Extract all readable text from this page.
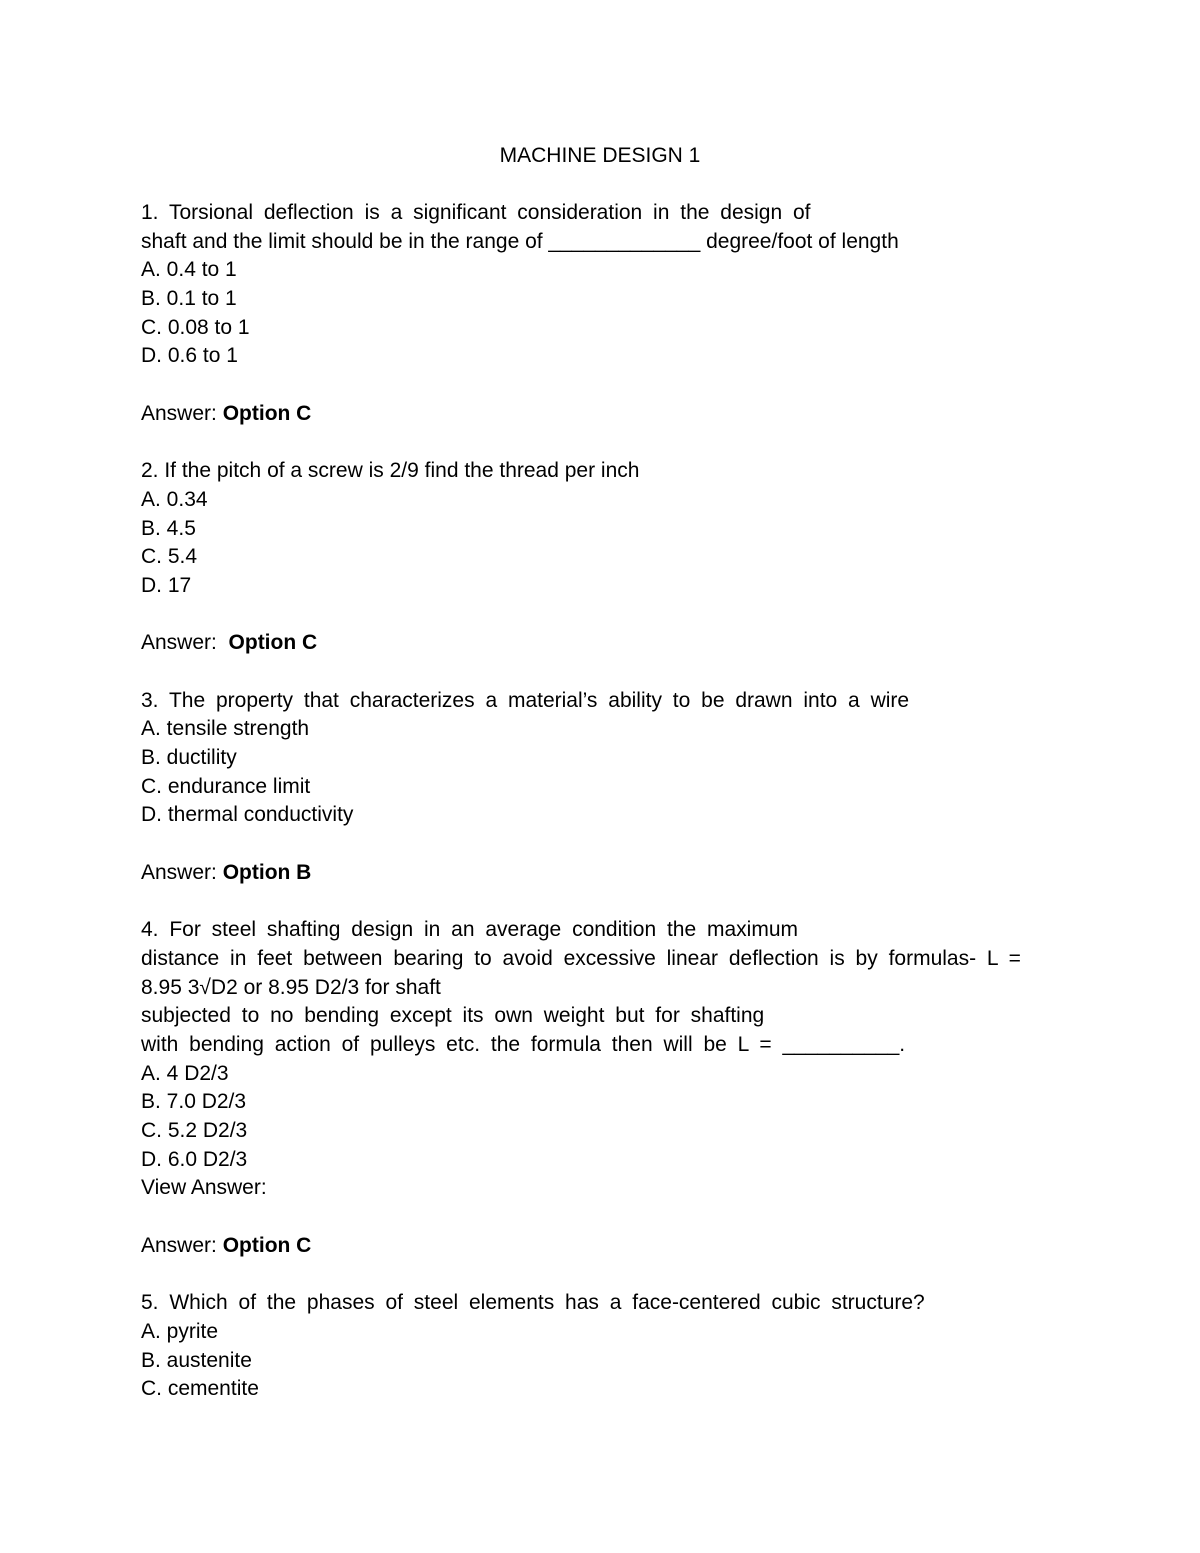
MACHINE DESIGN 1
1. Torsional deflection is a significant consideration in the design of
shaft and the limit should be in the range of _____________ degree/foot of length
A. 0.4 to 1
B. 0.1 to 1
C. 0.08 to 1
D. 0.6 to 1
Answer: Option C
2. If the pitch of a screw is 2/9 find the thread per inch
A. 0.34
B. 4.5
C. 5.4
D. 17
Answer: Option C
3. The property that characterizes a material’s ability to be drawn into a wire
A. tensile strength
B. ductility
C. endurance limit
D. thermal conductivity
Answer: Option B
4. For steel shafting design in an average condition the maximum
distance in feet between bearing to avoid excessive linear deflection is by formulas- L =
8.95 3√D2 or 8.95 D2/3 for shaft
subjected to no bending except its own weight but for shafting
with bending action of pulleys etc. the formula then will be L = __________.
A. 4 D2/3
B. 7.0 D2/3
C. 5.2 D2/3
D. 6.0 D2/3
View Answer:
Answer: Option C
5. Which of the phases of steel elements has a face-centered cubic structure?
A. pyrite
B. austenite
C. cementite
